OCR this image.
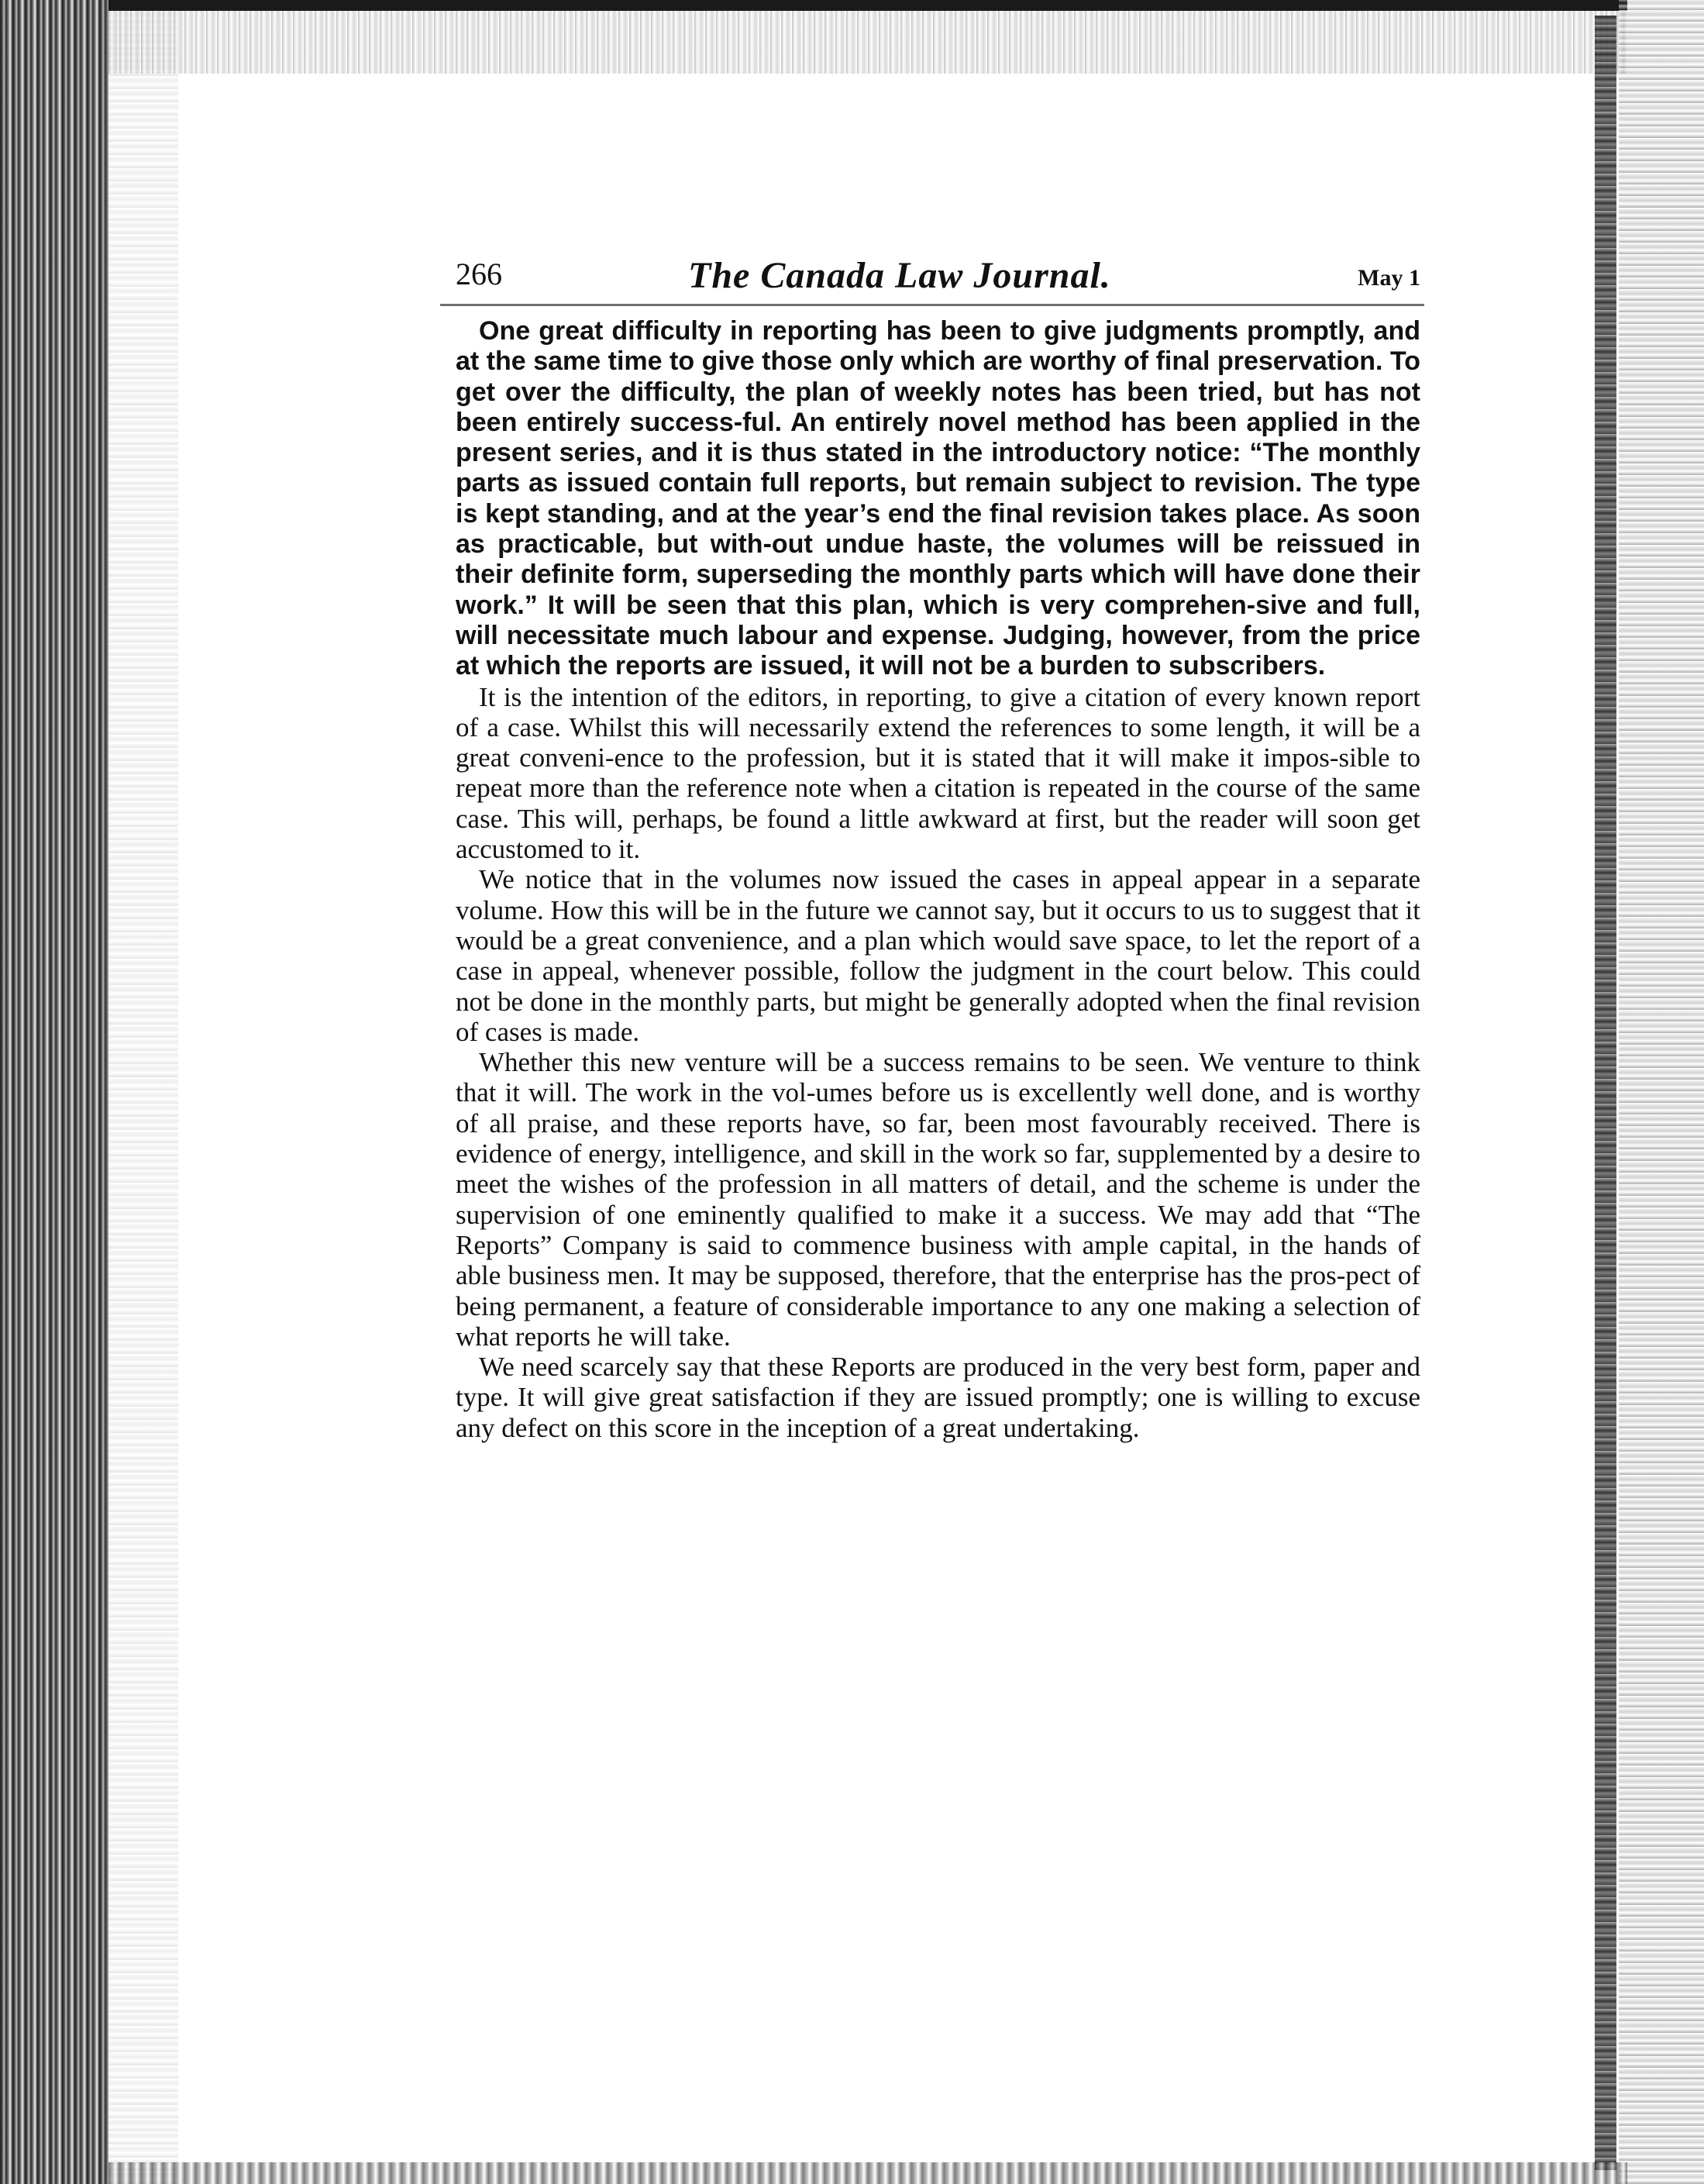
266	The Canada Law Journal.	May 1

One great difficulty in reporting has been to give judgments promptly, and at the same time to give those only which are worthy of final preservation. To get over the difficulty, the plan of weekly notes has been tried, but has not been entirely success-ful. An entirely novel method has been applied in the present series, and it is thus stated in the introductory notice: “The monthly parts as issued contain full reports, but remain subject to revision. The type is kept standing, and at the year’s end the final revision takes place. As soon as practicable, but with-out undue haste, the volumes will be reissued in their definite form, superseding the monthly parts which will have done their work.” It will be seen that this plan, which is very comprehen-sive and full, will necessitate much labour and expense. Judging, however, from the price at which the reports are issued, it will not be a burden to subscribers.

It is the intention of the editors, in reporting, to give a citation of every known report of a case. Whilst this will necessarily extend the references to some length, it will be a great conveni-ence to the profession, but it is stated that it will make it impos-sible to repeat more than the reference note when a citation is repeated in the course of the same case. This will, perhaps, be found a little awkward at first, but the reader will soon get accustomed to it.

We notice that in the volumes now issued the cases in appeal appear in a separate volume. How this will be in the future we cannot say, but it occurs to us to suggest that it would be a great convenience, and a plan which would save space, to let the report of a case in appeal, whenever possible, follow the judgment in the court below. This could not be done in the monthly parts, but might be generally adopted when the final revision of cases is made.

Whether this new venture will be a success remains to be seen. We venture to think that it will. The work in the vol-umes before us is excellently well done, and is worthy of all praise, and these reports have, so far, been most favourably received. There is evidence of energy, intelligence, and skill in the work so far, supplemented by a desire to meet the wishes of the profession in all matters of detail, and the scheme is under the supervision of one eminently qualified to make it a success. We may add that “The Reports” Company is said to commence business with ample capital, in the hands of able business men. It may be supposed, therefore, that the enterprise has the pros-pect of being permanent, a feature of considerable importance to any one making a selection of what reports he will take.

We need scarcely say that these Reports are produced in the very best form, paper and type. It will give great satisfaction if they are issued promptly; one is willing to excuse any defect on this score in the inception of a great undertaking.
